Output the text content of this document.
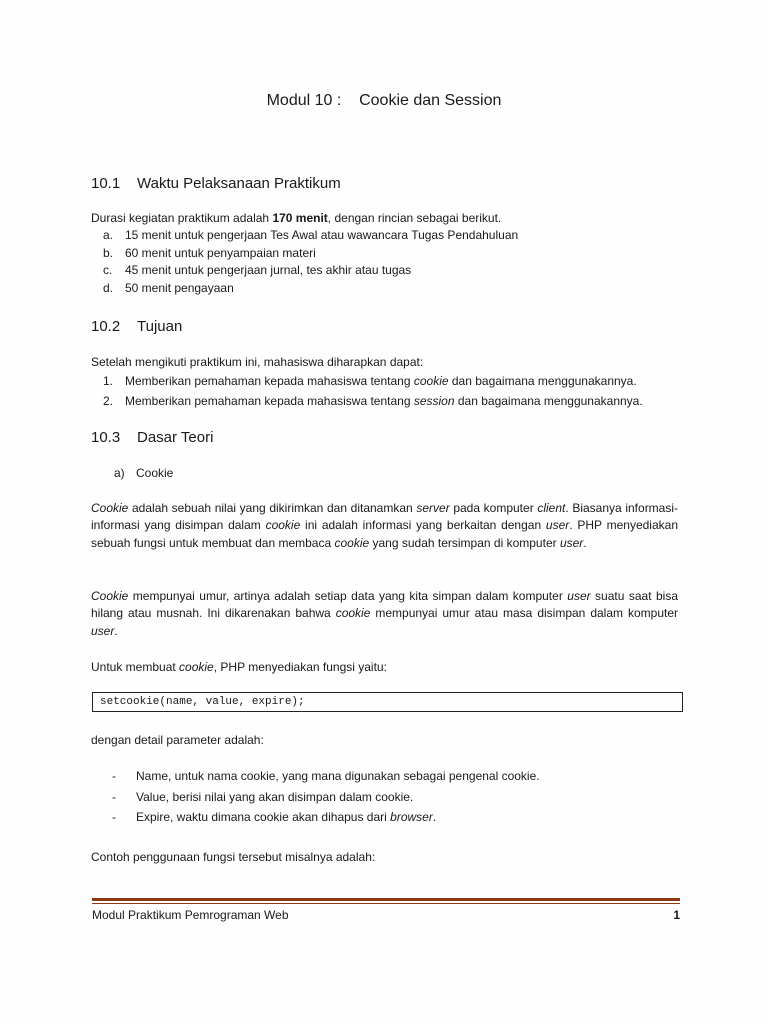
Modul 10 :    Cookie dan Session
10.1 Waktu Pelaksanaan Praktikum
Durasi kegiatan praktikum adalah 170 menit, dengan rincian sebagai berikut.
a. 15 menit untuk pengerjaan Tes Awal atau wawancara Tugas Pendahuluan
b. 60 menit untuk penyampaian materi
c. 45 menit untuk pengerjaan jurnal, tes akhir atau tugas
d. 50 menit pengayaan
10.2 Tujuan
Setelah mengikuti praktikum ini, mahasiswa diharapkan dapat:
1. Memberikan pemahaman kepada mahasiswa tentang cookie dan bagaimana menggunakannya.
2. Memberikan pemahaman kepada mahasiswa tentang session dan bagaimana menggunakannya.
10.3 Dasar Teori
a) Cookie
Cookie adalah sebuah nilai yang dikirimkan dan ditanamkan server pada komputer client. Biasanya informasi-informasi yang disimpan dalam cookie ini adalah informasi yang berkaitan dengan user. PHP menyediakan sebuah fungsi untuk membuat dan membaca cookie yang sudah tersimpan di komputer user.
Cookie mempunyai umur, artinya adalah setiap data yang kita simpan dalam komputer user suatu saat bisa hilang atau musnah. Ini dikarenakan bahwa cookie mempunyai umur atau masa disimpan dalam komputer user.
Untuk membuat cookie, PHP menyediakan fungsi yaitu:
setcookie(name, value, expire);
dengan detail parameter adalah:
- Name, untuk nama cookie, yang mana digunakan sebagai pengenal cookie.
- Value, berisi nilai yang akan disimpan dalam cookie.
- Expire, waktu dimana cookie akan dihapus dari browser.
Contoh penggunaan fungsi tersebut misalnya adalah:
Modul Praktikum Pemrograman Web	1
